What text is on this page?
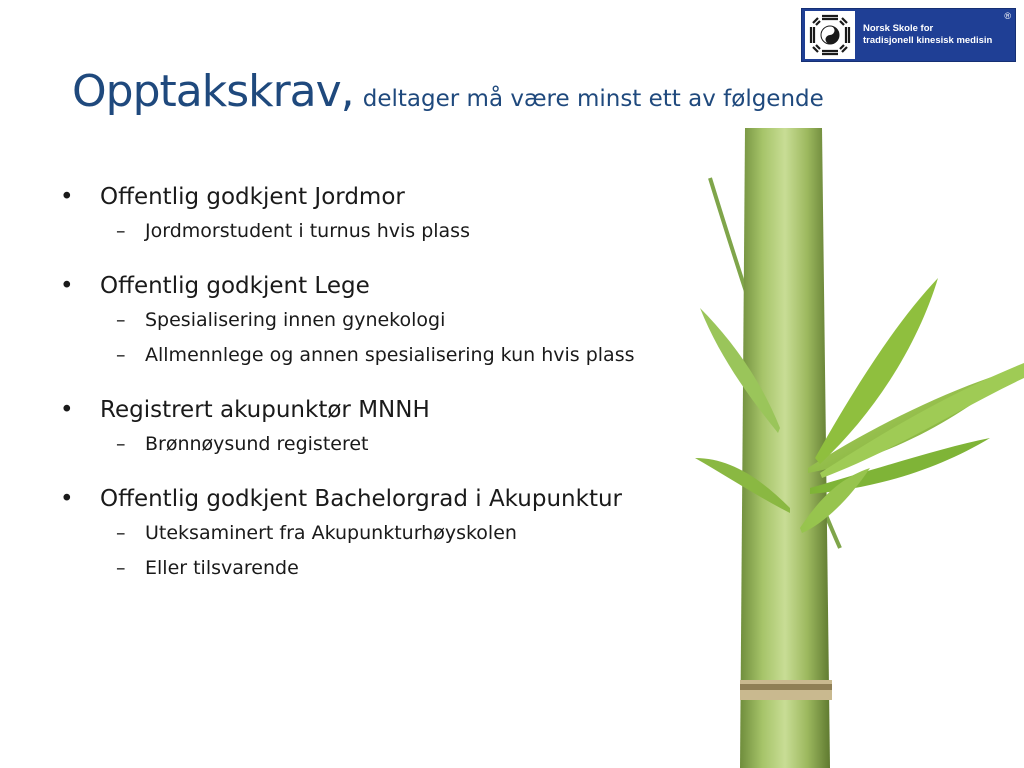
Norsk Skole for
tradisjonell kinesisk medisin
®
Opptakskrav, deltager må være minst ett av følgende
• Offentlig godkjent Jordmor
– Jordmorstudent i turnus hvis plass
• Offentlig godkjent Lege
– Spesialisering innen gynekologi
– Allmennlege og annen spesialisering kun hvis plass
• Registrert akupunktør MNNH
– Brønnøysund registeret
• Offentlig godkjent Bachelorgrad i Akupunktur
– Uteksaminert fra Akupunkturhøyskolen
– Eller tilsvarende
